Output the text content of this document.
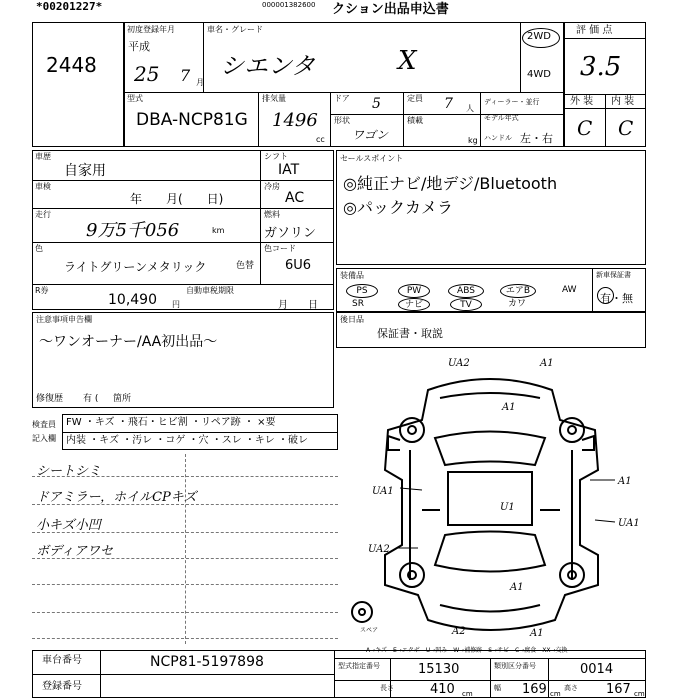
*00201227*	000001382600 クション出品申込書
2448
初度登録年月
平成
25 7 月
車名・グレード
シエンタ	X
2WD
4WD
型式
DBA-NCP81G
排気量
1496
cc
ドア 5	定員 7 人
ディーラー・並行
形状
ワゴン
積載
kg
モデル年式
ハンドル 左・右
評 価 点
3.5
外 装 内 装
C C
車歴
自家用
シフト
IAT
車検
年　　月(　　日)
冷房
AC
走行
9万5千056	km
燃料
ガソリン
色
ライトグリーンメタリック	色替
色コード
6U6
R券
10,490 円
自動車税期限
月　　日
セールスポイント
◎純正ナビ/地デジ/Bluetooth
◎パックカメラ
装備品
PS	PW	ABS	エアB	AW
SR	ナビ	TV	カワ
新車保証書
有・無
注意事項申告欄
～ワンオーナー/AA初出品～
修復歴 有 ( 箇所
後日品
保証書・取説
検査員
記入欄
FW ・キズ ・飛石・ヒビ割 ・リペア跡 ・ ×要
内装 ・キズ ・汚レ ・コゲ ・穴 ・スレ ・キレ ・破レ
シートシミ
ドアミラー，ホイルCPキズ
小キズ小凹
ボディアワセ
UA2	A1
A1
A1
UA1
U1
UA1
UA2
A1
A1
A2
スペア
A→キズ　E→エクボ　U→凹み　W→補修跡　S→サビ　C→腐食　XX→交換
車台番号	NCP81-5197898
登録番号
型式指定番号	15130	類別区分番号	0014
長さ	410 cm
幅 169 cm
高さ 167 cm
